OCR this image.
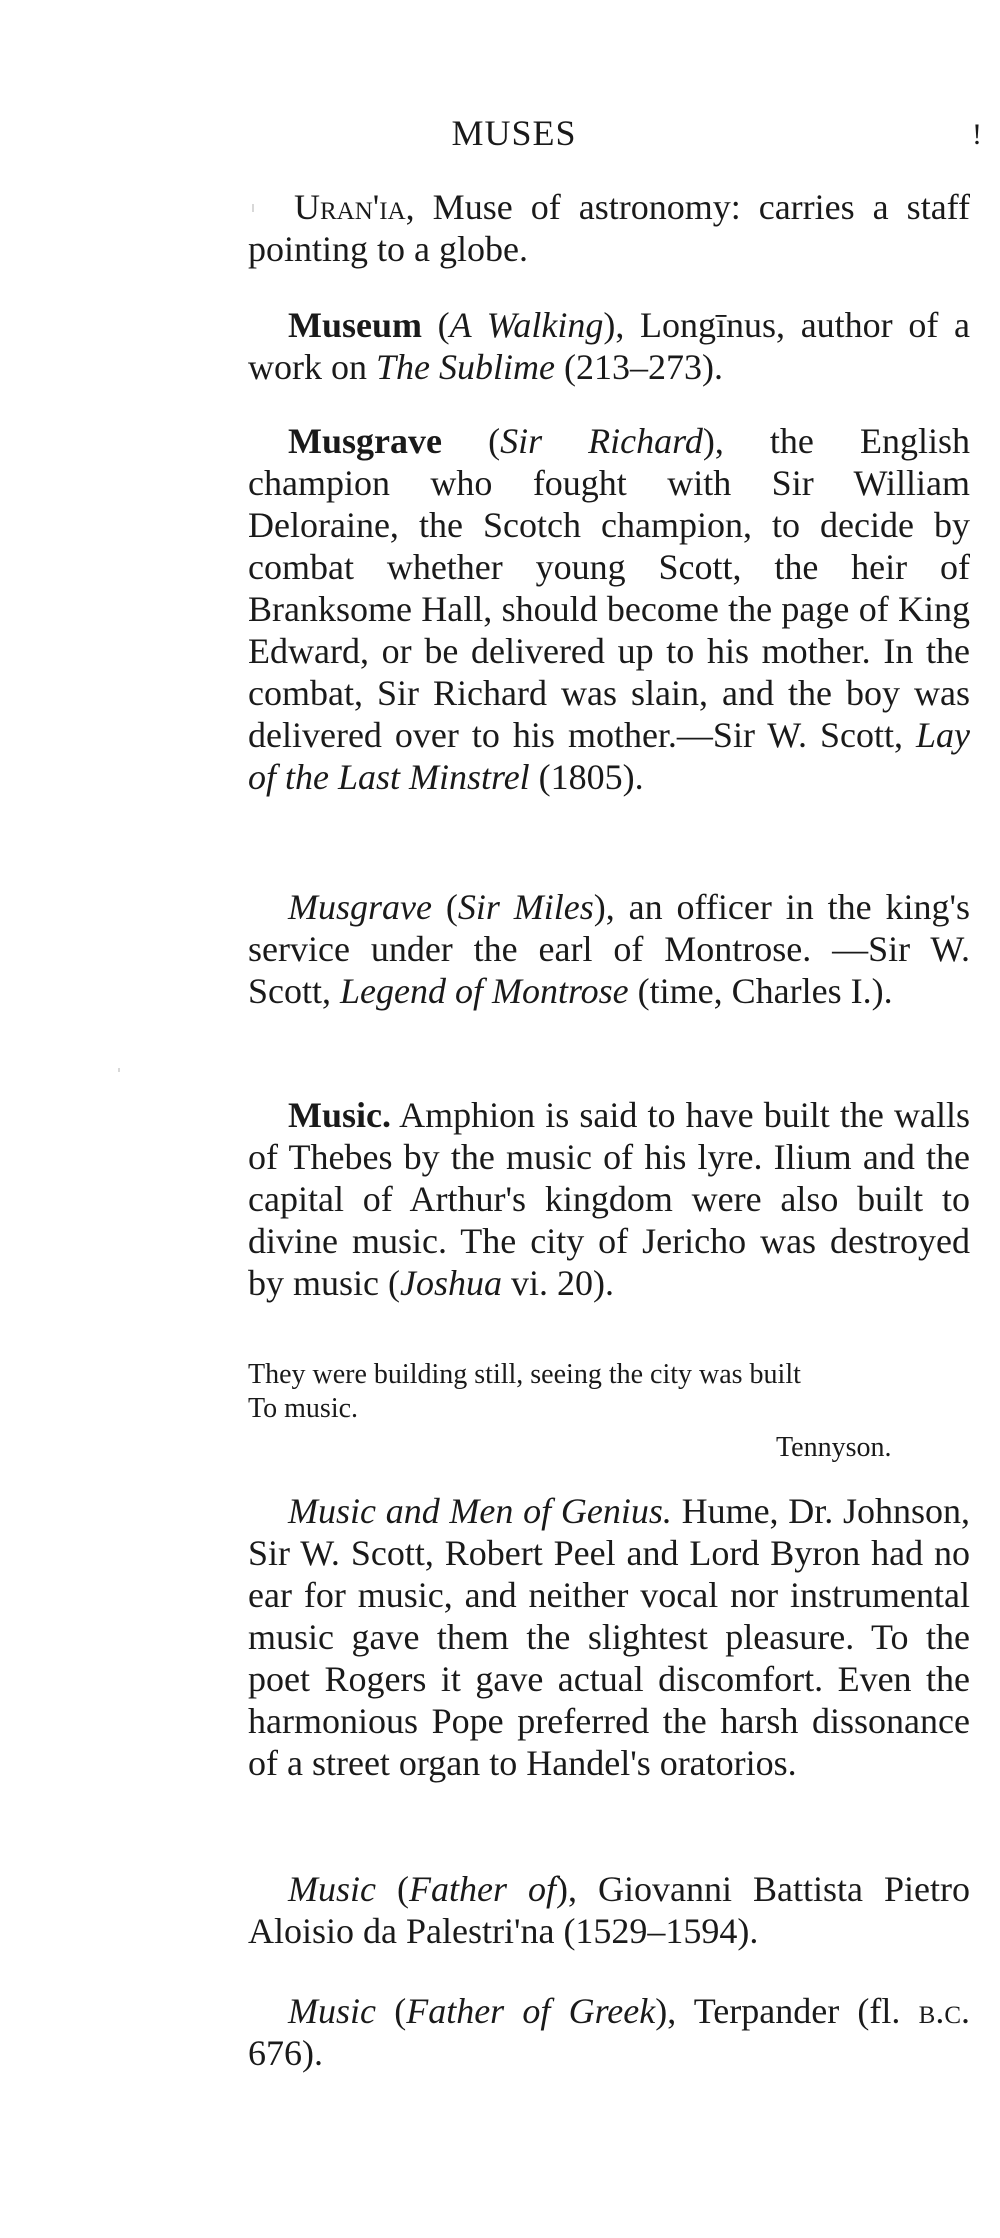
MUSES	!

Uran'ia, Muse of astronomy: carries a staff pointing to a globe.

Museum (A Walking), Longīnus, author of a work on The Sublime (213–273).

Musgrave (Sir Richard), the English champion who fought with Sir William Deloraine, the Scotch champion, to decide by combat whether young Scott, the heir of Branksome Hall, should become the page of King Edward, or be delivered up to his mother. In the combat, Sir Richard was slain, and the boy was delivered over to his mother.—Sir W. Scott, Lay of the Last Minstrel (1805).

Musgrave (Sir Miles), an officer in the king's service under the earl of Montrose. —Sir W. Scott, Legend of Montrose (time, Charles I.).

Music. Amphion is said to have built the walls of Thebes by the music of his lyre. Ilium and the capital of Arthur's kingdom were also built to divine music. The city of Jericho was destroyed by music (Joshua vi. 20).

They were building still, seeing the city was built
To music.
Tennyson.

Music and Men of Genius. Hume, Dr. Johnson, Sir W. Scott, Robert Peel and Lord Byron had no ear for music, and neither vocal nor instrumental music gave them the slightest pleasure. To the poet Rogers it gave actual discomfort. Even the harmonious Pope preferred the harsh dissonance of a street organ to Handel's oratorios.

Music (Father of), Giovanni Battista Pietro Aloisio da Palestri'na (1529–1594).

Music (Father of Greek), Terpander (fl. b.c. 676).
